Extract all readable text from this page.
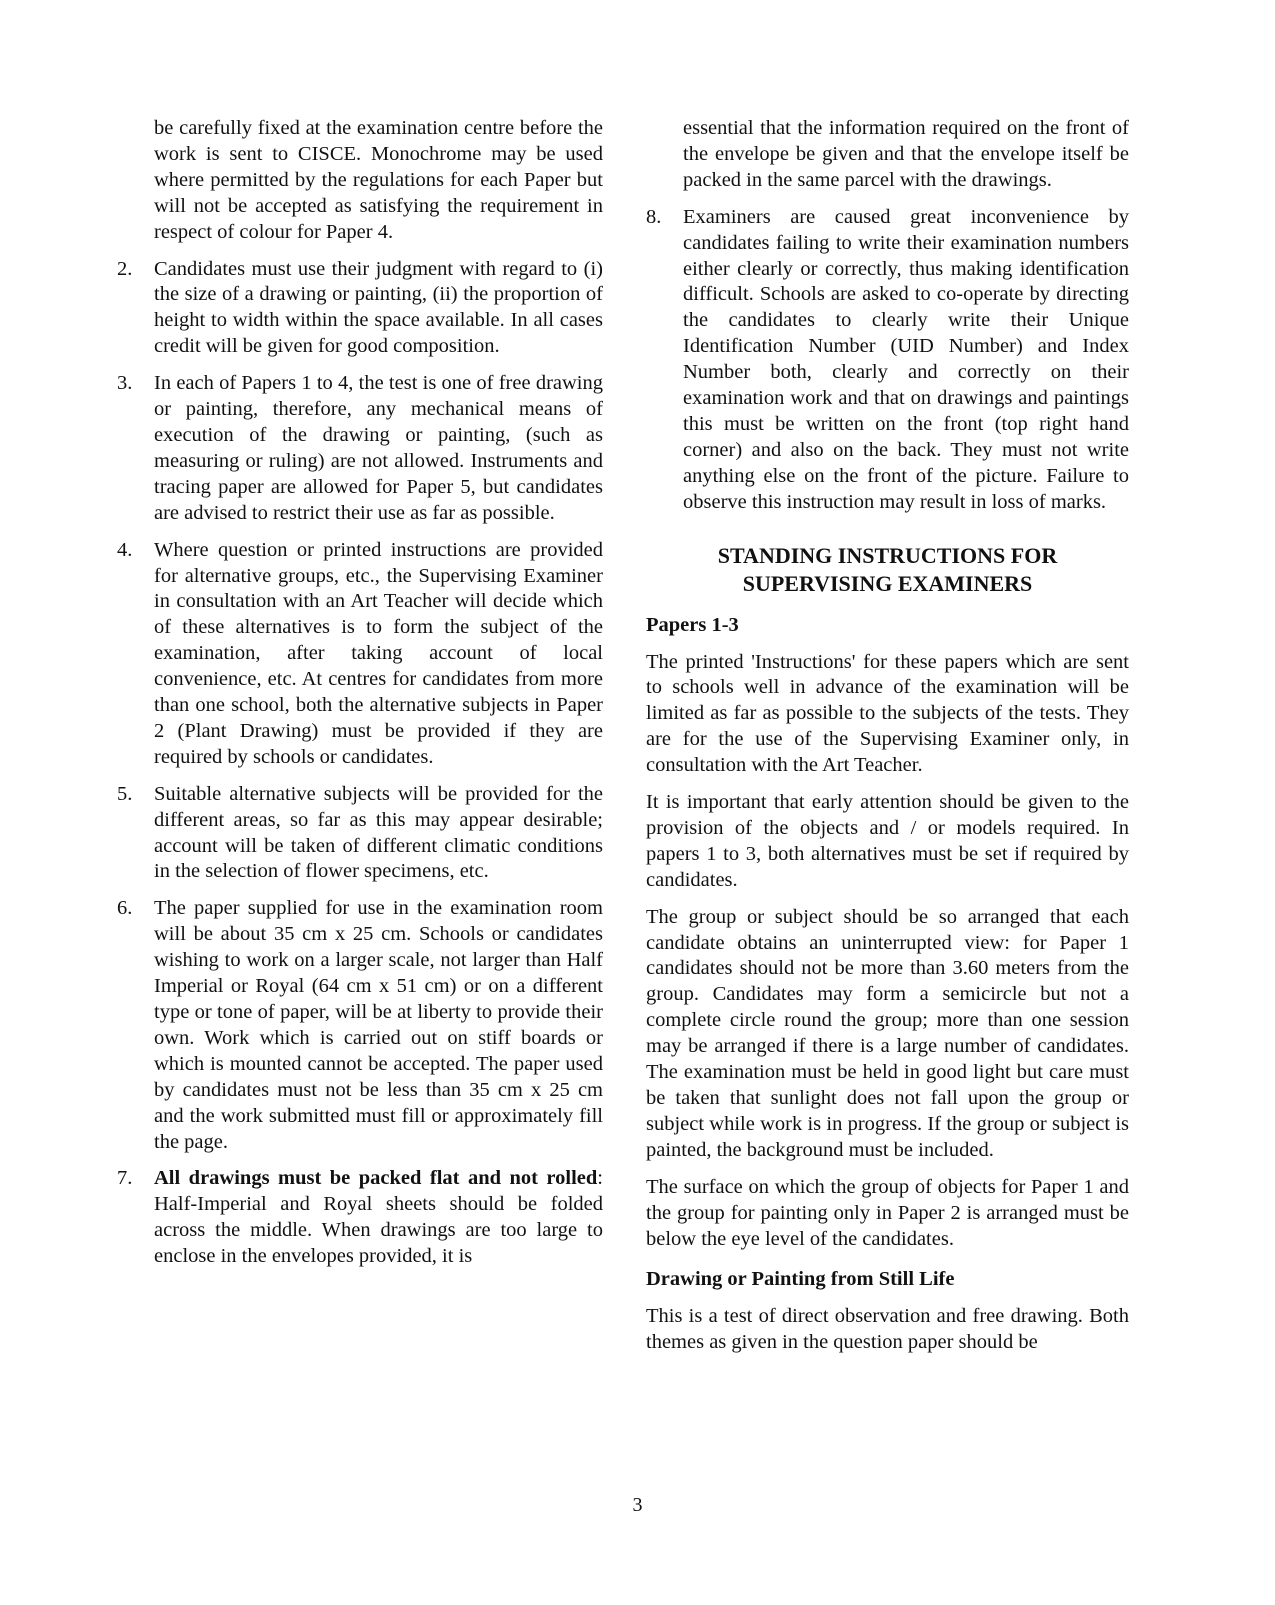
be carefully fixed at the examination centre before the work is sent to CISCE. Monochrome may be used where permitted by the regulations for each Paper but will not be accepted as satisfying the requirement in respect of colour for Paper 4.

2.	Candidates must use their judgment with regard to (i) the size of a drawing or painting, (ii) the proportion of height to width within the space available. In all cases credit will be given for good composition.

3.	In each of Papers 1 to 4, the test is one of free drawing or painting, therefore, any mechanical means of execution of the drawing or painting, (such as measuring or ruling) are not allowed. Instruments and tracing paper are allowed for Paper 5, but candidates are advised to restrict their use as far as possible.

4.	Where question or printed instructions are provided for alternative groups, etc., the Supervising Examiner in consultation with an Art Teacher will decide which of these alternatives is to form the subject of the examination, after taking account of local convenience, etc. At centres for candidates from more than one school, both the alternative subjects in Paper 2 (Plant Drawing) must be provided if they are required by schools or candidates.

5.	Suitable alternative subjects will be provided for the different areas, so far as this may appear desirable; account will be taken of different climatic conditions in the selection of flower specimens, etc.

6.	The paper supplied for use in the examination room will be about 35 cm x 25 cm. Schools or candidates wishing to work on a larger scale, not larger than Half Imperial or Royal (64 cm x 51 cm) or on a different type or tone of paper, will be at liberty to provide their own. Work which is carried out on stiff boards or which is mounted cannot be accepted. The paper used by candidates must not be less than 35 cm x 25 cm and the work submitted must fill or approximately fill the page.

7.	All drawings must be packed flat and not rolled: Half-Imperial and Royal sheets should be folded across the middle. When drawings are too large to enclose in the envelopes provided, it is

essential that the information required on the front of the envelope be given and that the envelope itself be packed in the same parcel with the drawings.

8.	Examiners are caused great inconvenience by candidates failing to write their examination numbers either clearly or correctly, thus making identification difficult. Schools are asked to co-operate by directing the candidates to clearly write their Unique Identification Number (UID Number) and Index Number both, clearly and correctly on their examination work and that on drawings and paintings this must be written on the front (top right hand corner) and also on the back. They must not write anything else on the front of the picture. Failure to observe this instruction may result in loss of marks.

STANDING INSTRUCTIONS FOR
SUPERVISING EXAMINERS
Papers 1-3

The printed 'Instructions' for these papers which are sent to schools well in advance of the examination will be limited as far as possible to the subjects of the tests. They are for the use of the Supervising Examiner only, in consultation with the Art Teacher.

It is important that early attention should be given to the provision of the objects and / or models required. In papers 1 to 3, both alternatives must be set if required by candidates.

The group or subject should be so arranged that each candidate obtains an uninterrupted view: for Paper 1 candidates should not be more than 3.60 meters from the group. Candidates may form a semicircle but not a complete circle round the group; more than one session may be arranged if there is a large number of candidates. The examination must be held in good light but care must be taken that sunlight does not fall upon the group or subject while work is in progress. If the group or subject is painted, the background must be included.

The surface on which the group of objects for Paper 1 and the group for painting only in Paper 2 is arranged must be below the eye level of the candidates.

Drawing or Painting from Still Life

This is a test of direct observation and free drawing. Both themes as given in the question paper should be

3
